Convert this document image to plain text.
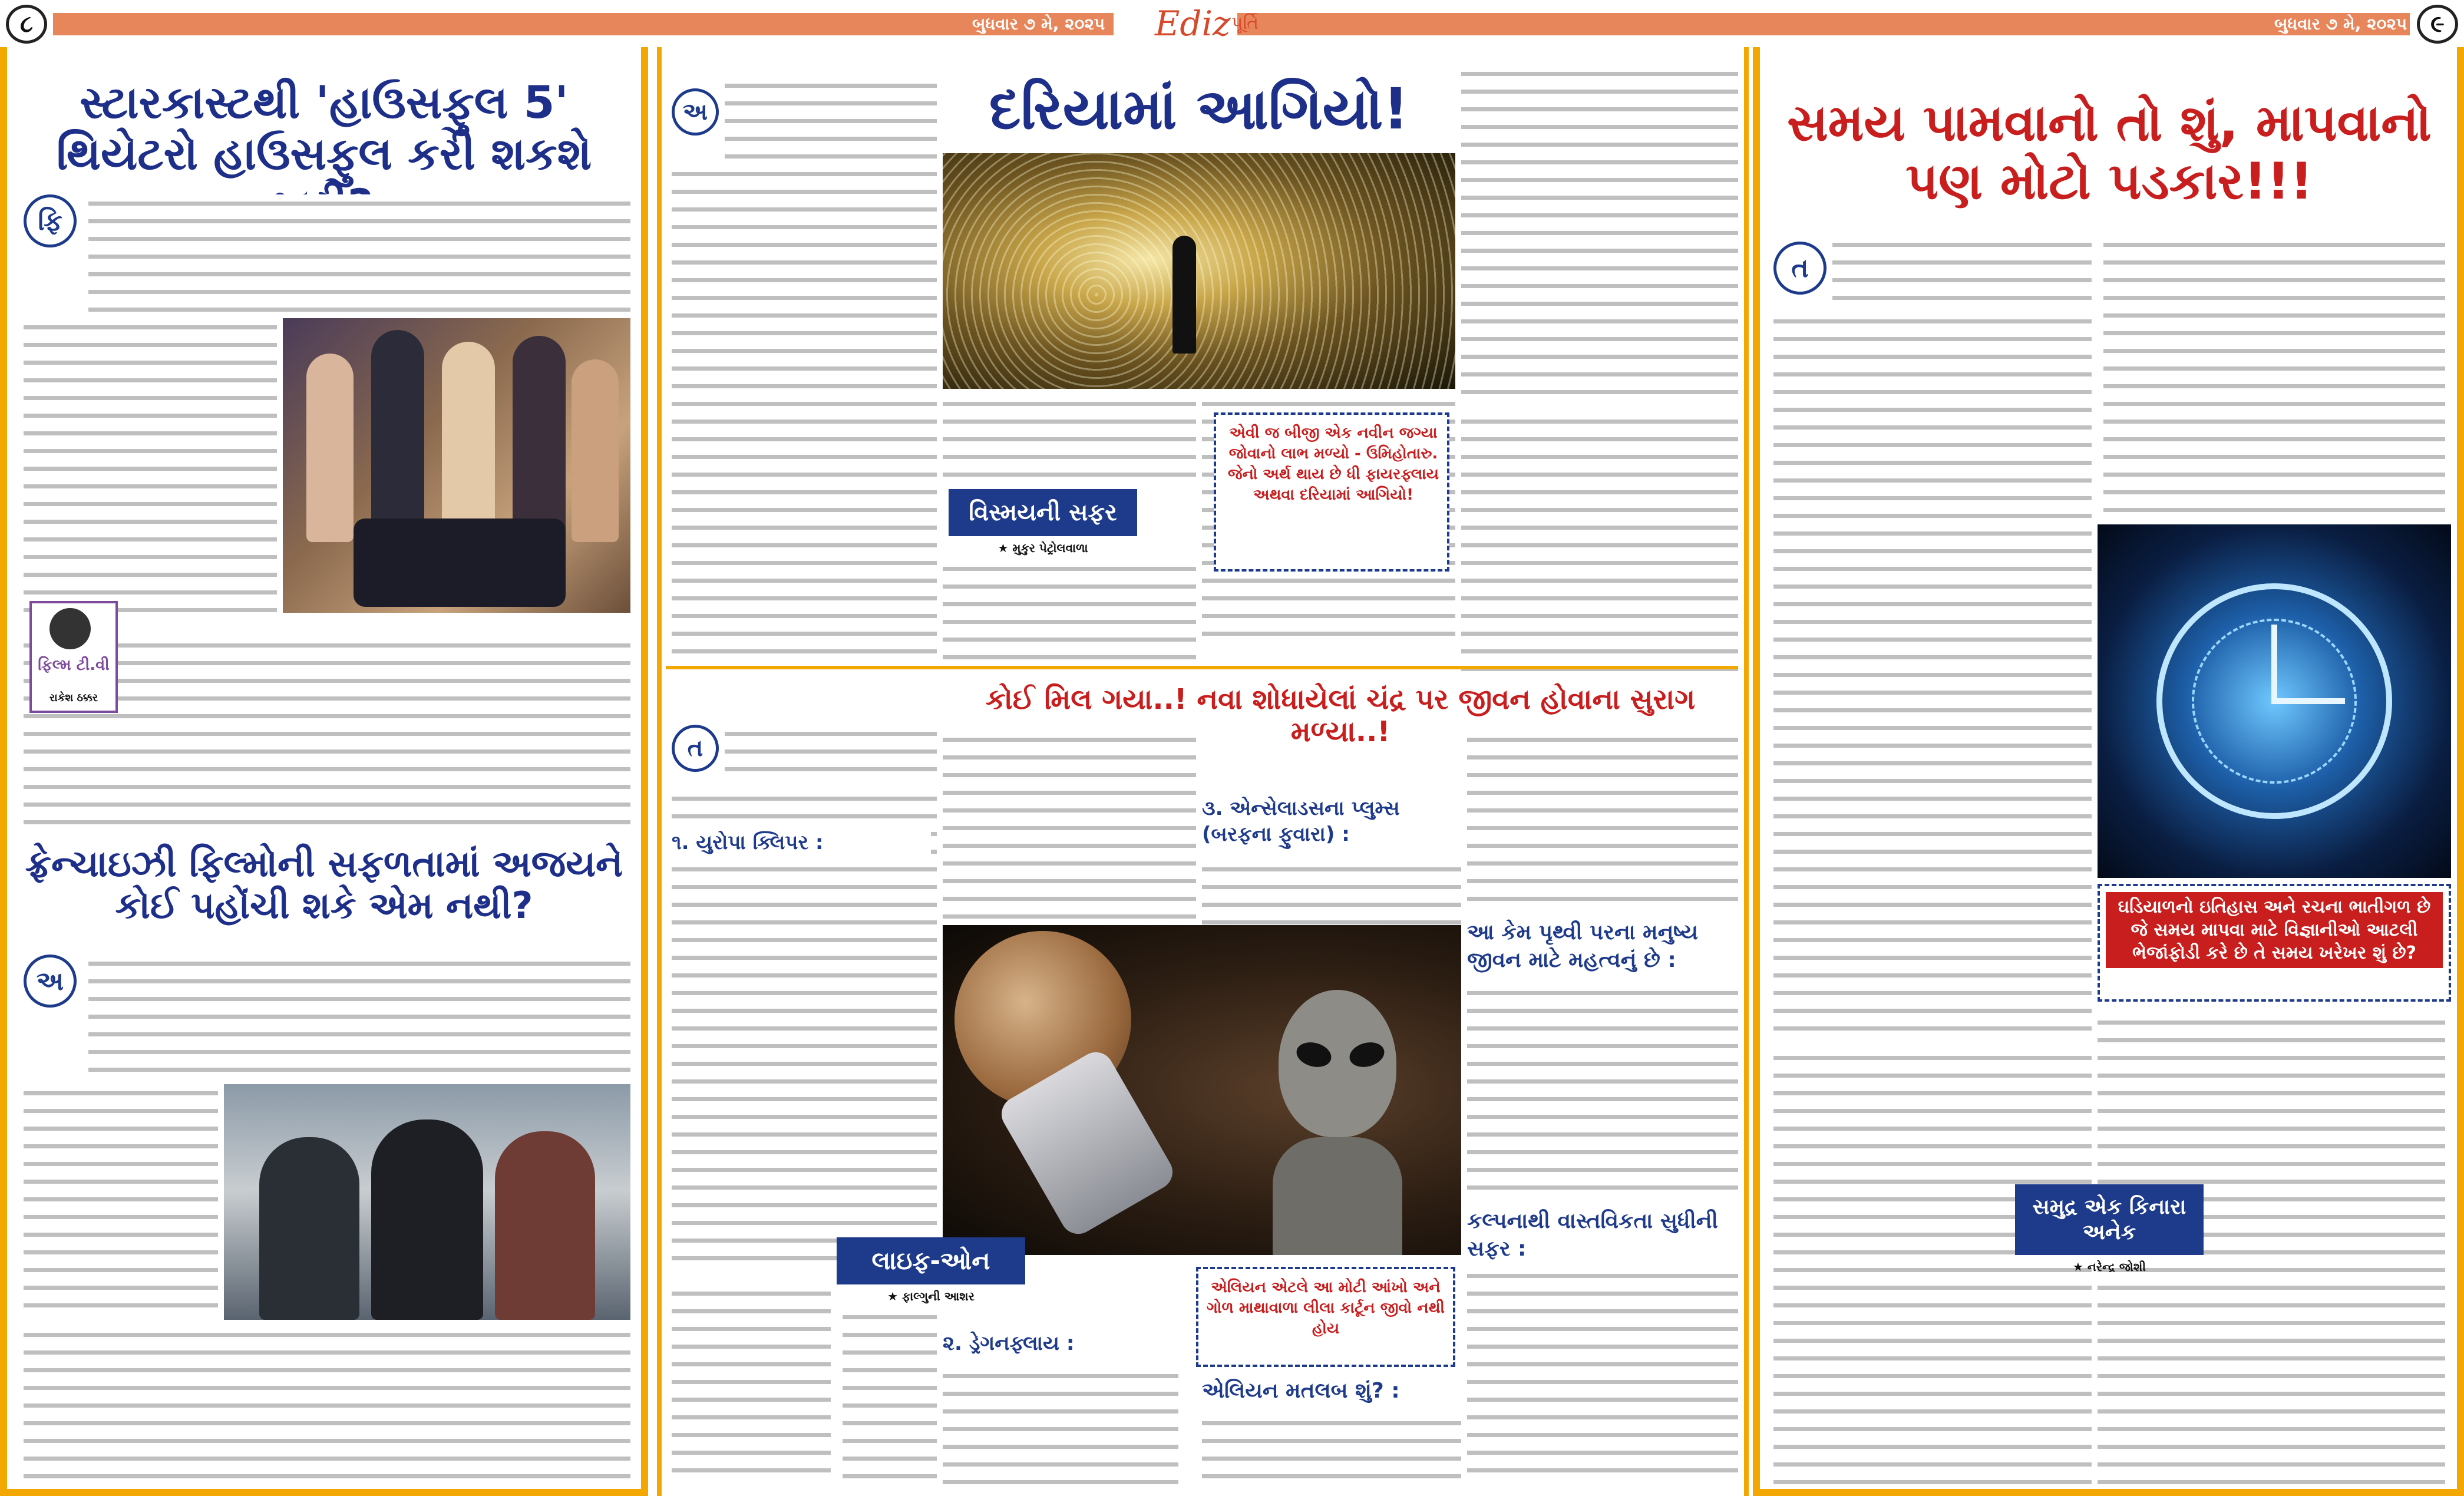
૮	બુધવાર ૭ મે, ૨૦૨૫ Ediz પૂર્તિ	બુધવાર ૭ મે, ૨૦૨૫ ૯
સ્ટારકાસ્ટથી 'હાઉસફુલ 5' થિયેટરો હાઉસફુલ કરી શકશે
ફિ
ફિલ્મ ટી.વી
રાકેશ ઠક્કર
ફ્રેન્ચાઇઝી ફિલ્મોની સફળતામાં અજયને કોઈ પહોંચી શકે એમ નથી?
અ
અ	દરિયામાં આગિયો!
વિસ્મયની સફર
★ મુકુર પેટ્રોલવાળા
એવી જ બીજી એક નવીન જગ્યા જોવાનો લાભ મળ્યો - ઉમિહોતારુ. જેનો અર્થ થાય છે ધી ફાયરફ્લાય અથવા દરિયામાં આગિયો!
કોઈ મિલ ગયા..! નવા શોધાયેલાં ચંદ્ર પર જીવન હોવાના સુરાગ મળ્યા..!
ત
૧. યુરોપા ક્લિપર :
૩. એન્સેલાડસના પ્લુમ્સ (બરફના ફુવારા) :
આ કેમ પૃથ્વી પરના મનુષ્ય જીવન માટે મહત્વનું છે :
કલ્પનાથી વાસ્તવિકતા સુધીની સફર :
લાઇફ-ઓન
★ ફાલ્ગુની આશર
૨. ડ્રેગનફ્લાય :
એલિયન એટલે આ મોટી આંખો અને ગોળ માથાવાળા લીલા કાર્ટૂન જીવો નથી હોય
એલિયન મતલબ શું? :
સમય પામવાનો તો શું, માપવાનો પણ મોટો પડકાર!!!
ત
ઘડિયાળનો ઇતિહાસ અને રચના ભાતીગળ છે જે સમય માપવા માટે વિજ્ઞાનીઓ આટલી ભેજાંફોડી કરે છે તે સમય ખરેખર શું છે?
સમુદ્ર એક કિનારા અનેક
★ નરેન્દ્ર જોશી
